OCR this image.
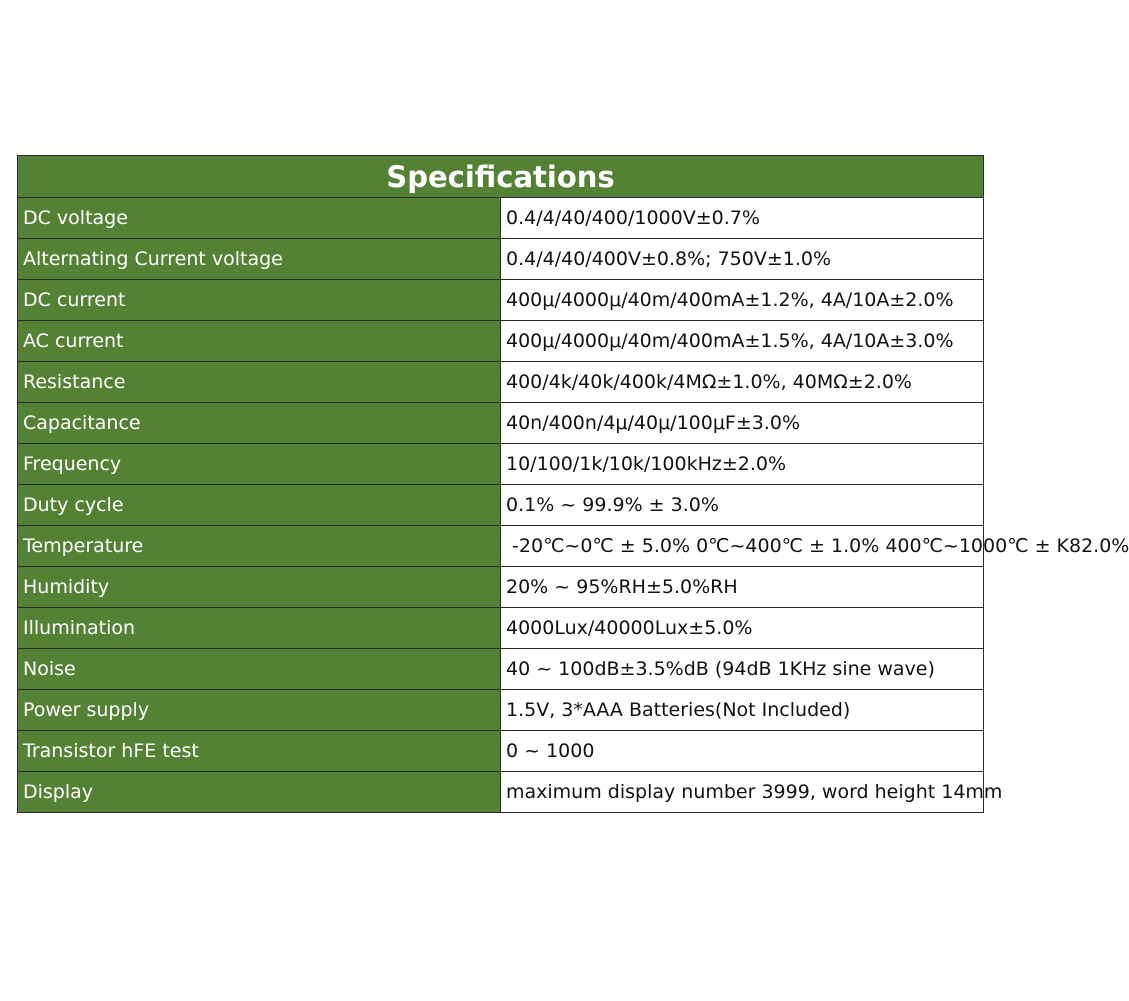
Specifications	
DC voltage	0.4/4/40/400/1000V±0.7%
Alternating Current voltage	0.4/4/40/400V±0.8%; 750V±1.0%
DC current	400μ/4000μ/40m/400mA±1.2%, 4A/10A±2.0%
AC current	400μ/4000μ/40m/400mA±1.5%, 4A/10A±3.0%
Resistance	400/4k/40k/400k/4MΩ±1.0%, 40MΩ±2.0%
Capacitance	40n/400n/4μ/40μ/100μF±3.0%
Frequency	10/100/1k/10k/100kHz±2.0%
Duty cycle	0.1% ~ 99.9% ± 3.0%
Temperature	-20℃~0℃ ± 5.0% 0℃~400℃ ± 1.0% 400℃~1000℃ ± K82.0%
Humidity	20% ~ 95%RH±5.0%RH
Illumination	4000Lux/40000Lux±5.0%
Noise	40 ~ 100dB±3.5%dB (94dB 1KHz sine wave)
Power supply	1.5V, 3*AAA Batteries(Not Included)
Transistor hFE test	0 ~ 1000
Display	maximum display number 3999, word height 14mm
